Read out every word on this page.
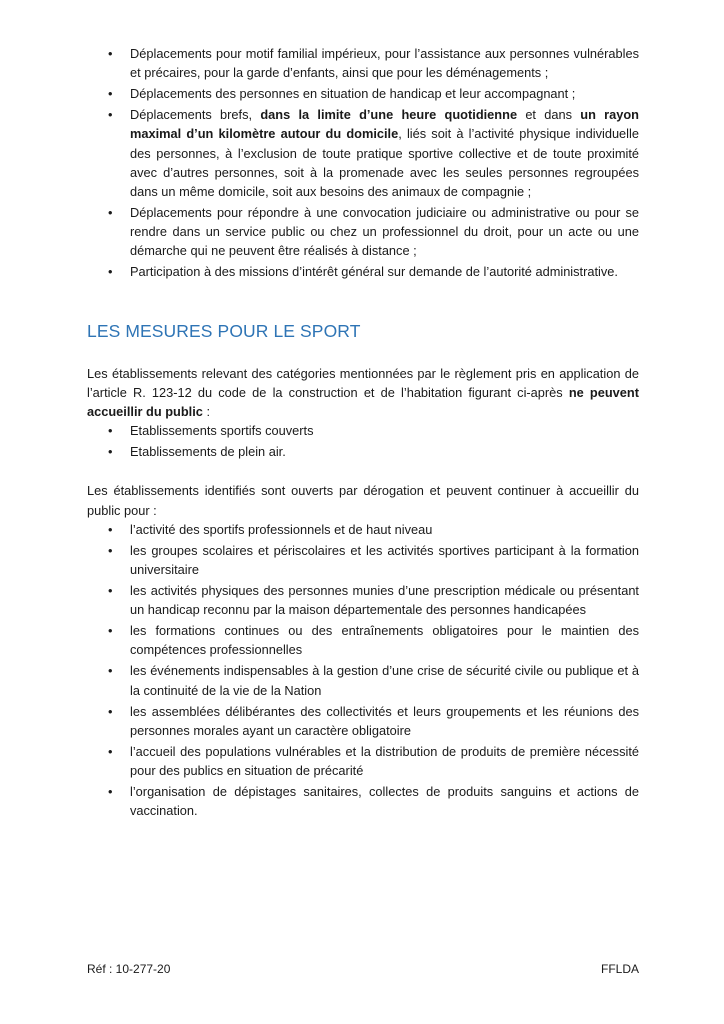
• Déplacements pour motif familial impérieux, pour l’assistance aux personnes vulnérables et précaires, pour la garde d’enfants, ainsi que pour les déménagements ;
• Déplacements des personnes en situation de handicap et leur accompagnant ;
• Déplacements brefs, dans la limite d’une heure quotidienne et dans un rayon maximal d’un kilomètre autour du domicile, liés soit à l’activité physique individuelle des personnes, à l’exclusion de toute pratique sportive collective et de toute proximité avec d’autres personnes, soit à la promenade avec les seules personnes regroupées dans un même domicile, soit aux besoins des animaux de compagnie ;
• Déplacements pour répondre à une convocation judiciaire ou administrative ou pour se rendre dans un service public ou chez un professionnel du droit, pour un acte ou une démarche qui ne peuvent être réalisés à distance ;
• Participation à des missions d’intérêt général sur demande de l’autorité administrative.
LES MESURES POUR LE SPORT

Les établissements relevant des catégories mentionnées par le règlement pris en application de l’article R. 123-12 du code de la construction et de l’habitation figurant ci-après ne peuvent accueillir du public :

• Etablissements sportifs couverts
• Etablissements de plein air.

Les établissements identifiés sont ouverts par dérogation et peuvent continuer à accueillir du public pour :

• l’activité des sportifs professionnels et de haut niveau
• les groupes scolaires et périscolaires et les activités sportives participant à la formation universitaire
• les activités physiques des personnes munies d’une prescription médicale ou présentant un handicap reconnu par la maison départementale des personnes handicapées
• les formations continues ou des entraînements obligatoires pour le maintien des compétences professionnelles
• les événements indispensables à la gestion d’une crise de sécurité civile ou publique et à la continuité de la vie de la Nation
• les assemblées délibérantes des collectivités et leurs groupements et les réunions des personnes morales ayant un caractère obligatoire
• l’accueil des populations vulnérables et la distribution de produits de première nécessité pour des publics en situation de précarité
• l’organisation de dépistages sanitaires, collectes de produits sanguins et actions de vaccination.
Réf : 10-277-20	FFLDA
